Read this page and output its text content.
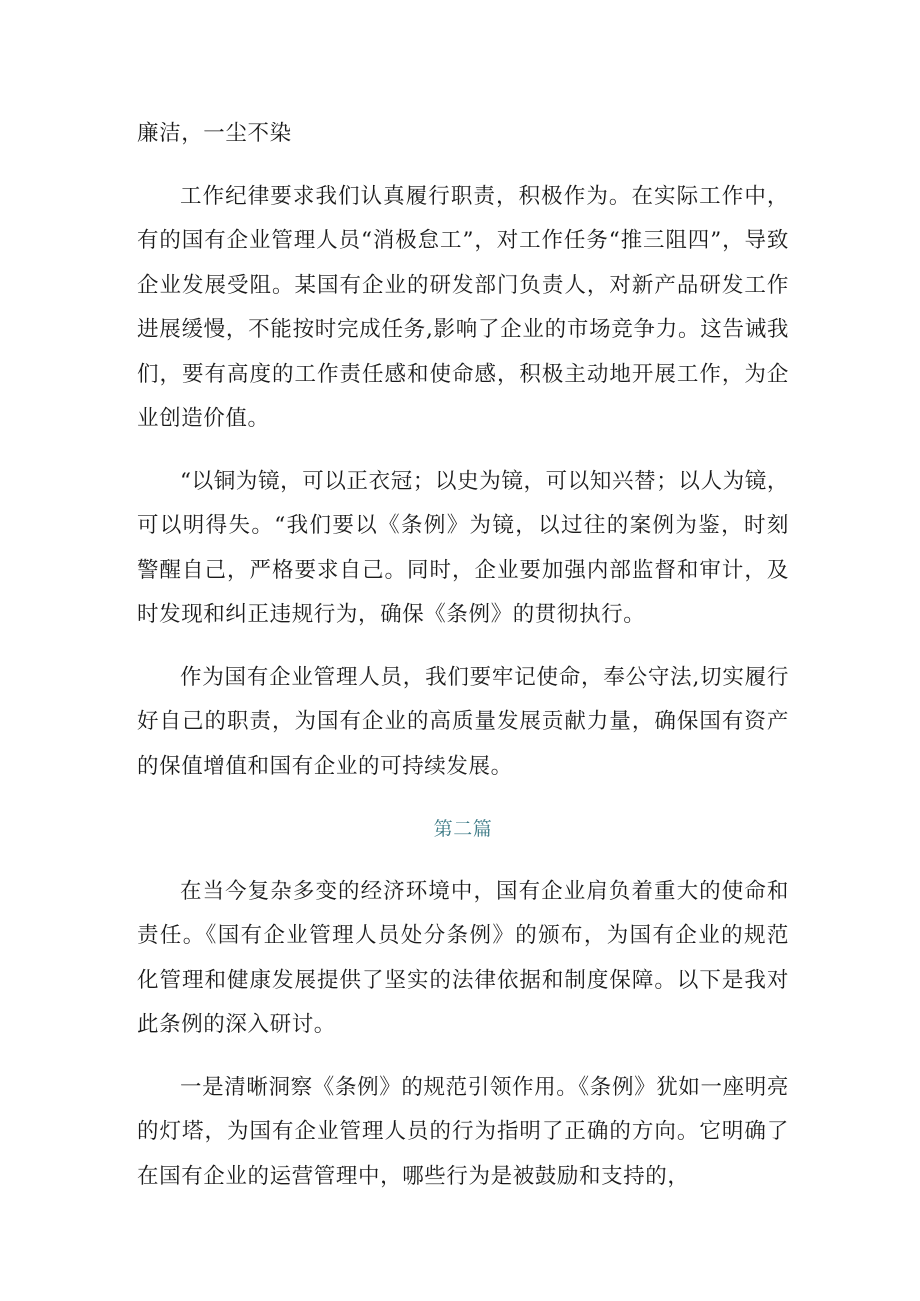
廉洁，一尘不染

工作纪律要求我们认真履行职责，积极作为。在实际工作中，有的国有企业管理人员“消极怠工”，对工作任务“推三阻四”，导致企业发展受阻。某国有企业的研发部门负责人，对新产品研发工作进展缓慢，不能按时完成任务,影响了企业的市场竞争力。这告诫我们，要有高度的工作责任感和使命感，积极主动地开展工作，为企业创造价值。

“以铜为镜，可以正衣冠；以史为镜，可以知兴替；以人为镜，可以明得失。“我们要以《条例》为镜，以过往的案例为鉴，时刻警醒自己，严格要求自己。同时，企业要加强内部监督和审计，及时发现和纠正违规行为，确保《条例》的贯彻执行。

作为国有企业管理人员，我们要牢记使命，奉公守法,切实履行好自己的职责，为国有企业的高质量发展贡献力量，确保国有资产的保值增值和国有企业的可持续发展。

第二篇

在当今复杂多变的经济环境中，国有企业肩负着重大的使命和责任。《国有企业管理人员处分条例》的颁布，为国有企业的规范化管理和健康发展提供了坚实的法律依据和制度保障。以下是我对此条例的深入研讨。

一是清晰洞察《条例》的规范引领作用。《条例》犹如一座明亮的灯塔，为国有企业管理人员的行为指明了正确的方向。它明确了在国有企业的运营管理中，哪些行为是被鼓励和支持的，
